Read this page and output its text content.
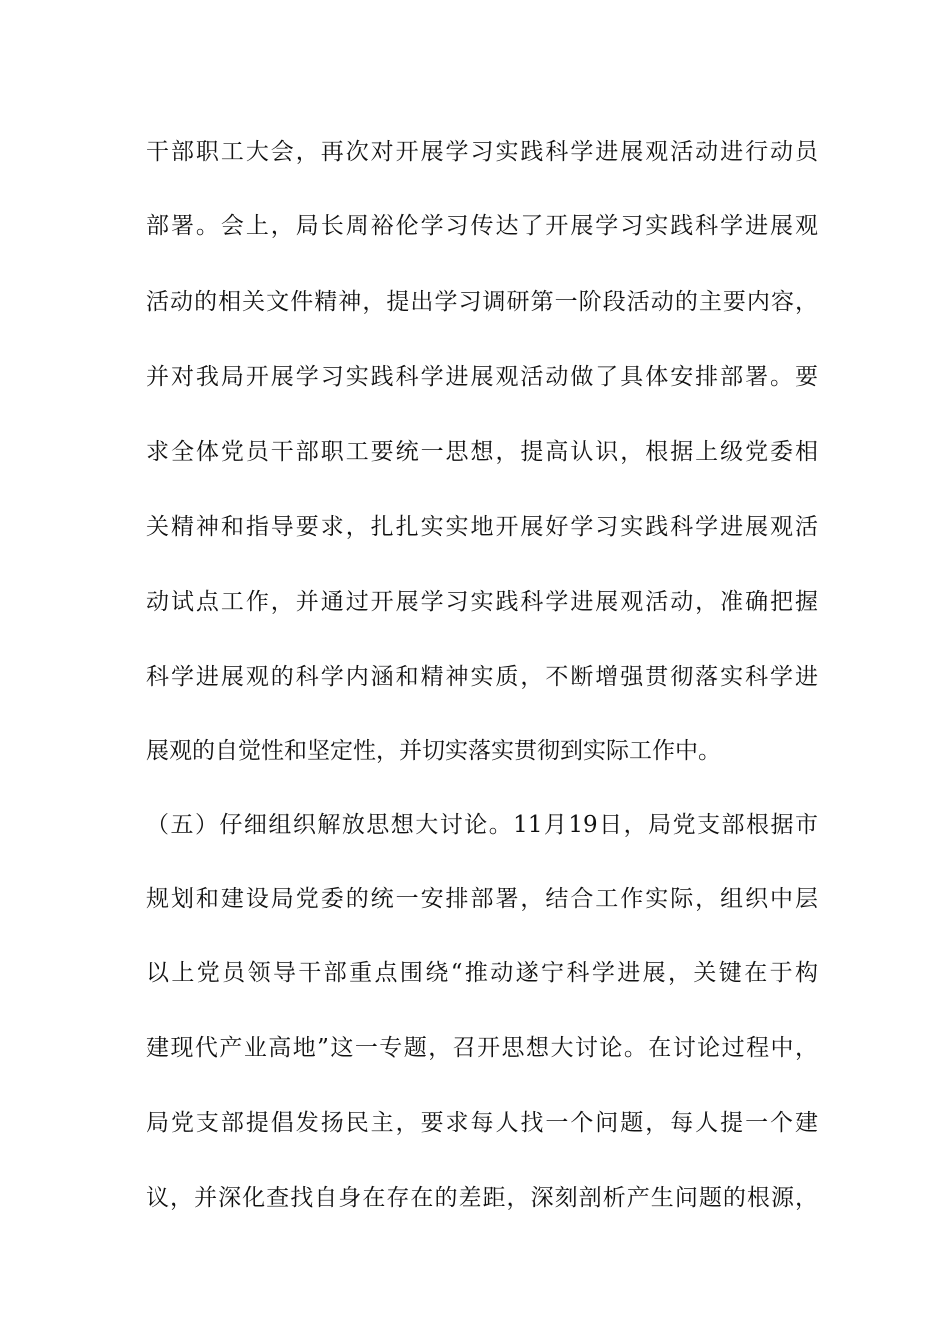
干部职工大会，再次对开展学习实践科学进展观活动进行动员
部署。会上，局长周裕伦学习传达了开展学习实践科学进展观
活动的相关文件精神，提出学习调研第一阶段活动的主要内容，
并对我局开展学习实践科学进展观活动做了具体安排部署。要
求全体党员干部职工要统一思想，提高认识，根据上级党委相
关精神和指导要求，扎扎实实地开展好学习实践科学进展观活
动试点工作，并通过开展学习实践科学进展观活动，准确把握
科学进展观的科学内涵和精神实质，不断增强贯彻落实科学进
展观的自觉性和坚定性，并切实落实贯彻到实际工作中。
（五）仔细组织解放思想大讨论。11月19日，局党支部根据市
规划和建设局党委的统一安排部署，结合工作实际，组织中层
以上党员领导干部重点围绕“推动遂宁科学进展，关键在于构
建现代产业高地”这一专题，召开思想大讨论。在讨论过程中，
局党支部提倡发扬民主，要求每人找一个问题，每人提一个建
议，并深化查找自身在存在的差距，深刻剖析产生问题的根源，
